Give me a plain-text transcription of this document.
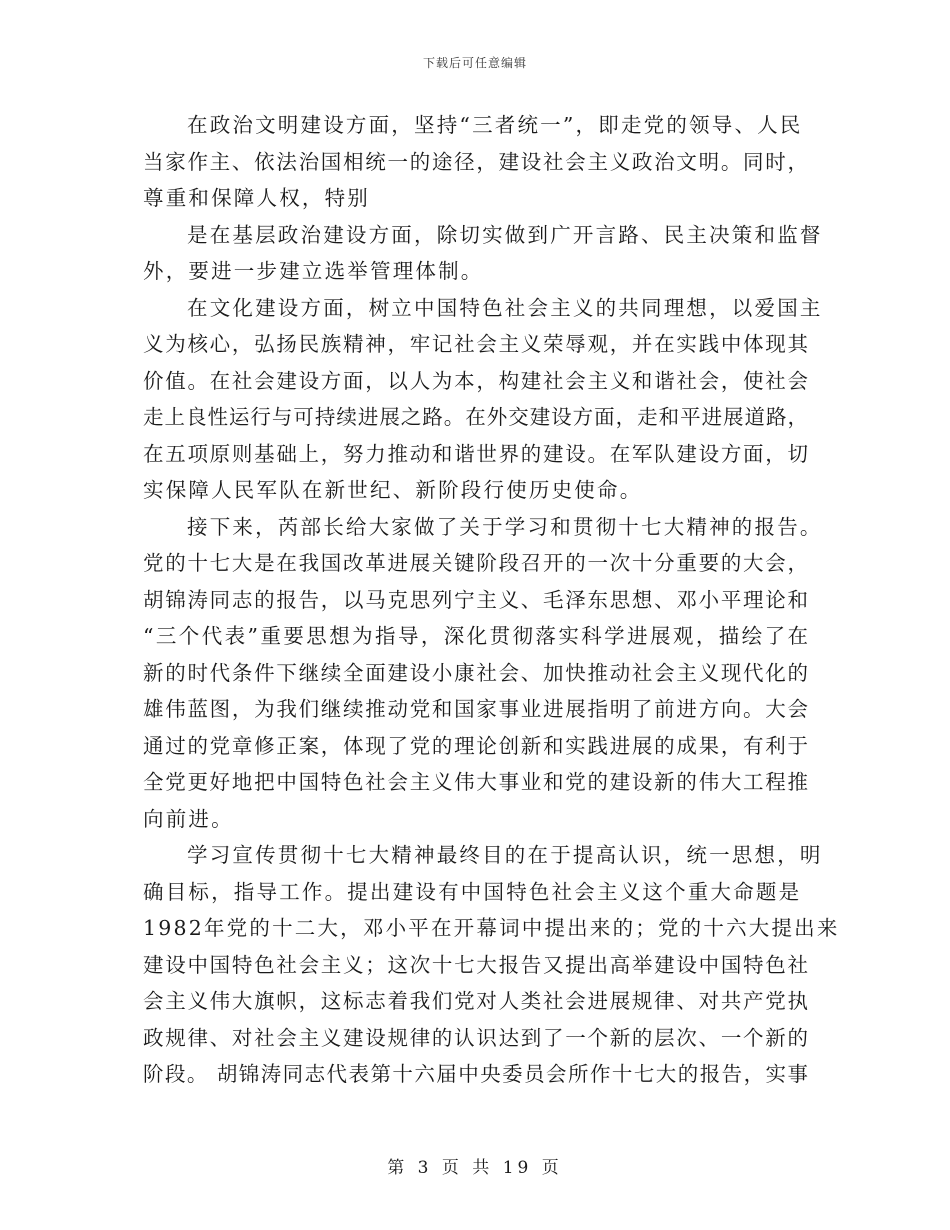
下载后可任意编辑
在政治文明建设方面，坚持“三者统一”，即走党的领导、人民
当家作主、依法治国相统一的途径，建设社会主义政治文明。同时，
尊重和保障人权，特别
是在基层政治建设方面，除切实做到广开言路、民主决策和监督
外，要进一步建立选举管理体制。
在文化建设方面，树立中国特色社会主义的共同理想，以爱国主
义为核心，弘扬民族精神，牢记社会主义荣辱观，并在实践中体现其
价值。在社会建设方面，以人为本，构建社会主义和谐社会，使社会
走上良性运行与可持续进展之路。在外交建设方面，走和平进展道路，
在五项原则基础上，努力推动和谐世界的建设。在军队建设方面，切
实保障人民军队在新世纪、新阶段行使历史使命。
接下来，芮部长给大家做了关于学习和贯彻十七大精神的报告。
党的十七大是在我国改革进展关键阶段召开的一次十分重要的大会，
胡锦涛同志的报告，以马克思列宁主义、毛泽东思想、邓小平理论和
“三个代表”重要思想为指导，深化贯彻落实科学进展观，描绘了在
新的时代条件下继续全面建设小康社会、加快推动社会主义现代化的
雄伟蓝图，为我们继续推动党和国家事业进展指明了前进方向。大会
通过的党章修正案，体现了党的理论创新和实践进展的成果，有利于
全党更好地把中国特色社会主义伟大事业和党的建设新的伟大工程推
向前进。
学习宣传贯彻十七大精神最终目的在于提高认识，统一思想，明
确目标，指导工作。提出建设有中国特色社会主义这个重大命题是
1982年党的十二大，邓小平在开幕词中提出来的；党的十六大提出来
建设中国特色社会主义；这次十七大报告又提出高举建设中国特色社
会主义伟大旗帜，这标志着我们党对人类社会进展规律、对共产党执
政规律、对社会主义建设规律的认识达到了一个新的层次、一个新的
阶段。 胡锦涛同志代表第十六届中央委员会所作十七大的报告，实事
第 3 页 共 19 页
